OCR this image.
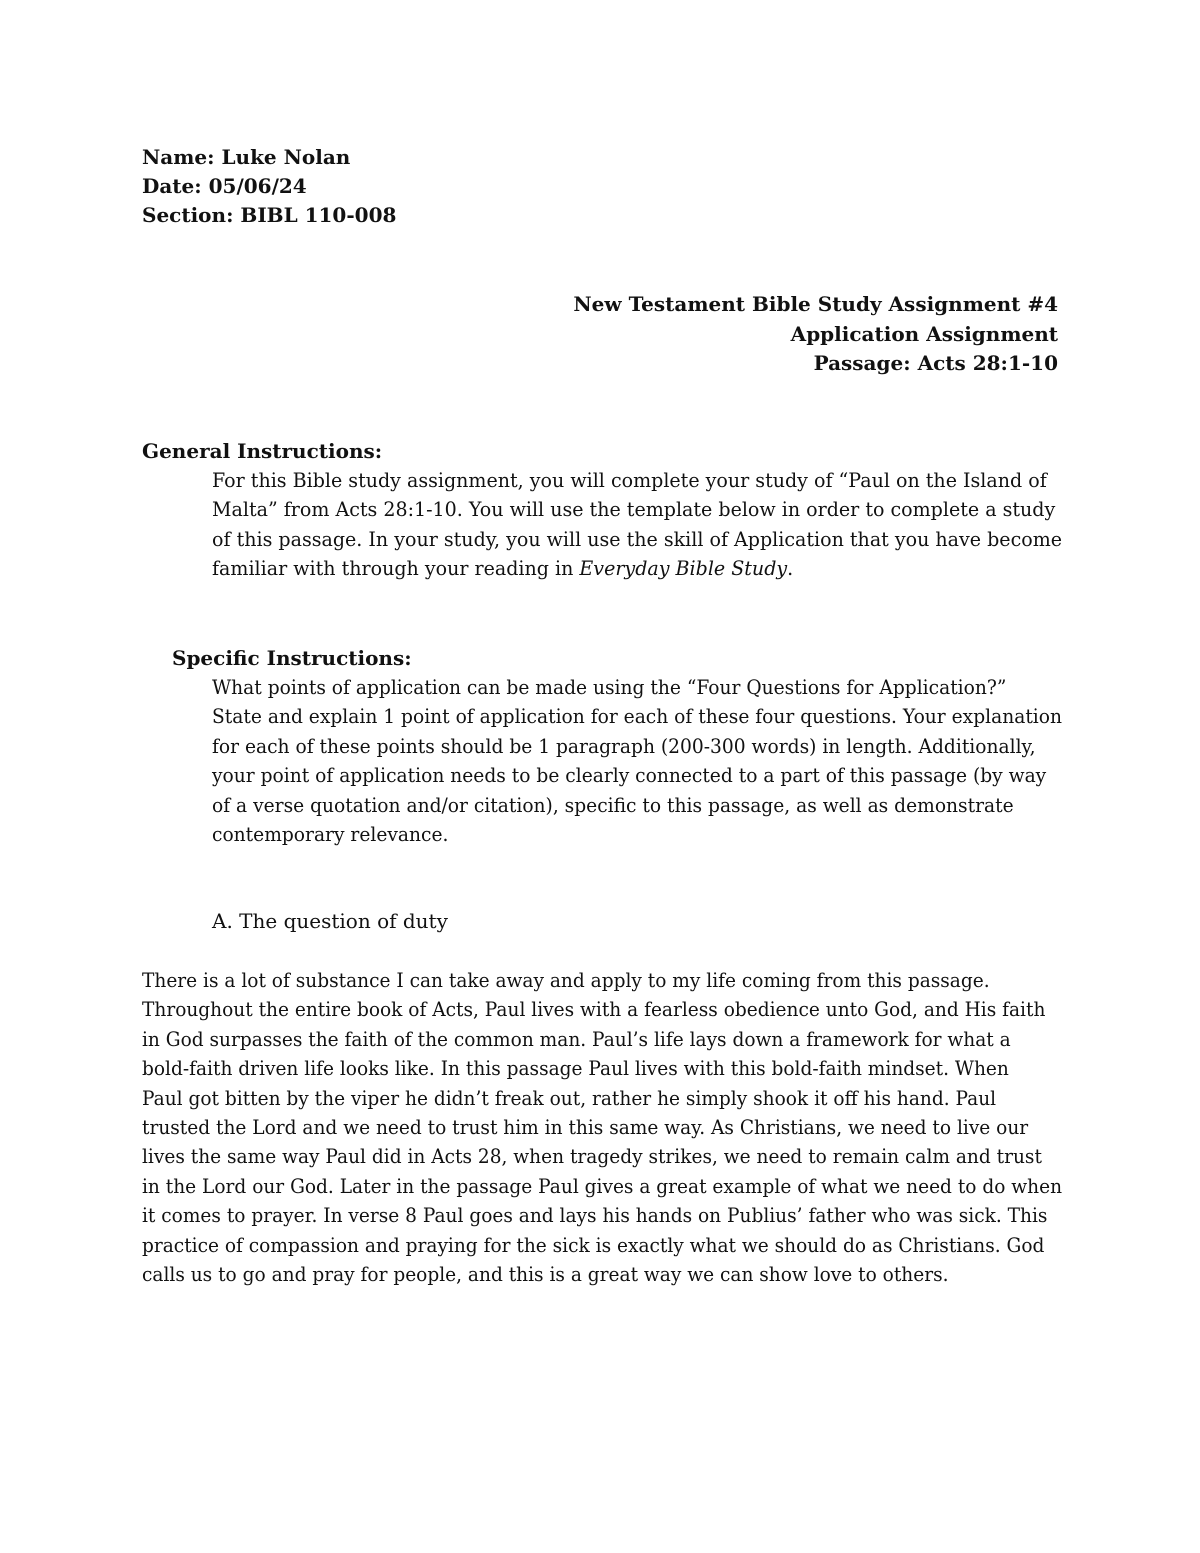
Name: Luke Nolan
Date: 05/06/24
Section: BIBL 110-008
New Testament Bible Study Assignment #4
Application Assignment
Passage: Acts 28:1-10
General Instructions:
For this Bible study assignment, you will complete your study of “Paul on the Island of
Malta” from Acts 28:1-10. You will use the template below in order to complete a study
of this passage. In your study, you will use the skill of Application that you have become
familiar with through your reading in Everyday Bible Study.
Specific Instructions:
What points of application can be made using the “Four Questions for Application?”
State and explain 1 point of application for each of these four questions. Your explanation
for each of these points should be 1 paragraph (200-300 words) in length. Additionally,
your point of application needs to be clearly connected to a part of this passage (by way
of a verse quotation and/or citation), specific to this passage, as well as demonstrate
contemporary relevance.
A. The question of duty
There is a lot of substance I can take away and apply to my life coming from this passage.
Throughout the entire book of Acts, Paul lives with a fearless obedience unto God, and His faith
in God surpasses the faith of the common man. Paul’s life lays down a framework for what a
bold-faith driven life looks like. In this passage Paul lives with this bold-faith mindset. When
Paul got bitten by the viper he didn’t freak out, rather he simply shook it off his hand. Paul
trusted the Lord and we need to trust him in this same way. As Christians, we need to live our
lives the same way Paul did in Acts 28, when tragedy strikes, we need to remain calm and trust
in the Lord our God. Later in the passage Paul gives a great example of what we need to do when
it comes to prayer. In verse 8 Paul goes and lays his hands on Publius’ father who was sick. This
practice of compassion and praying for the sick is exactly what we should do as Christians. God
calls us to go and pray for people, and this is a great way we can show love to others.
